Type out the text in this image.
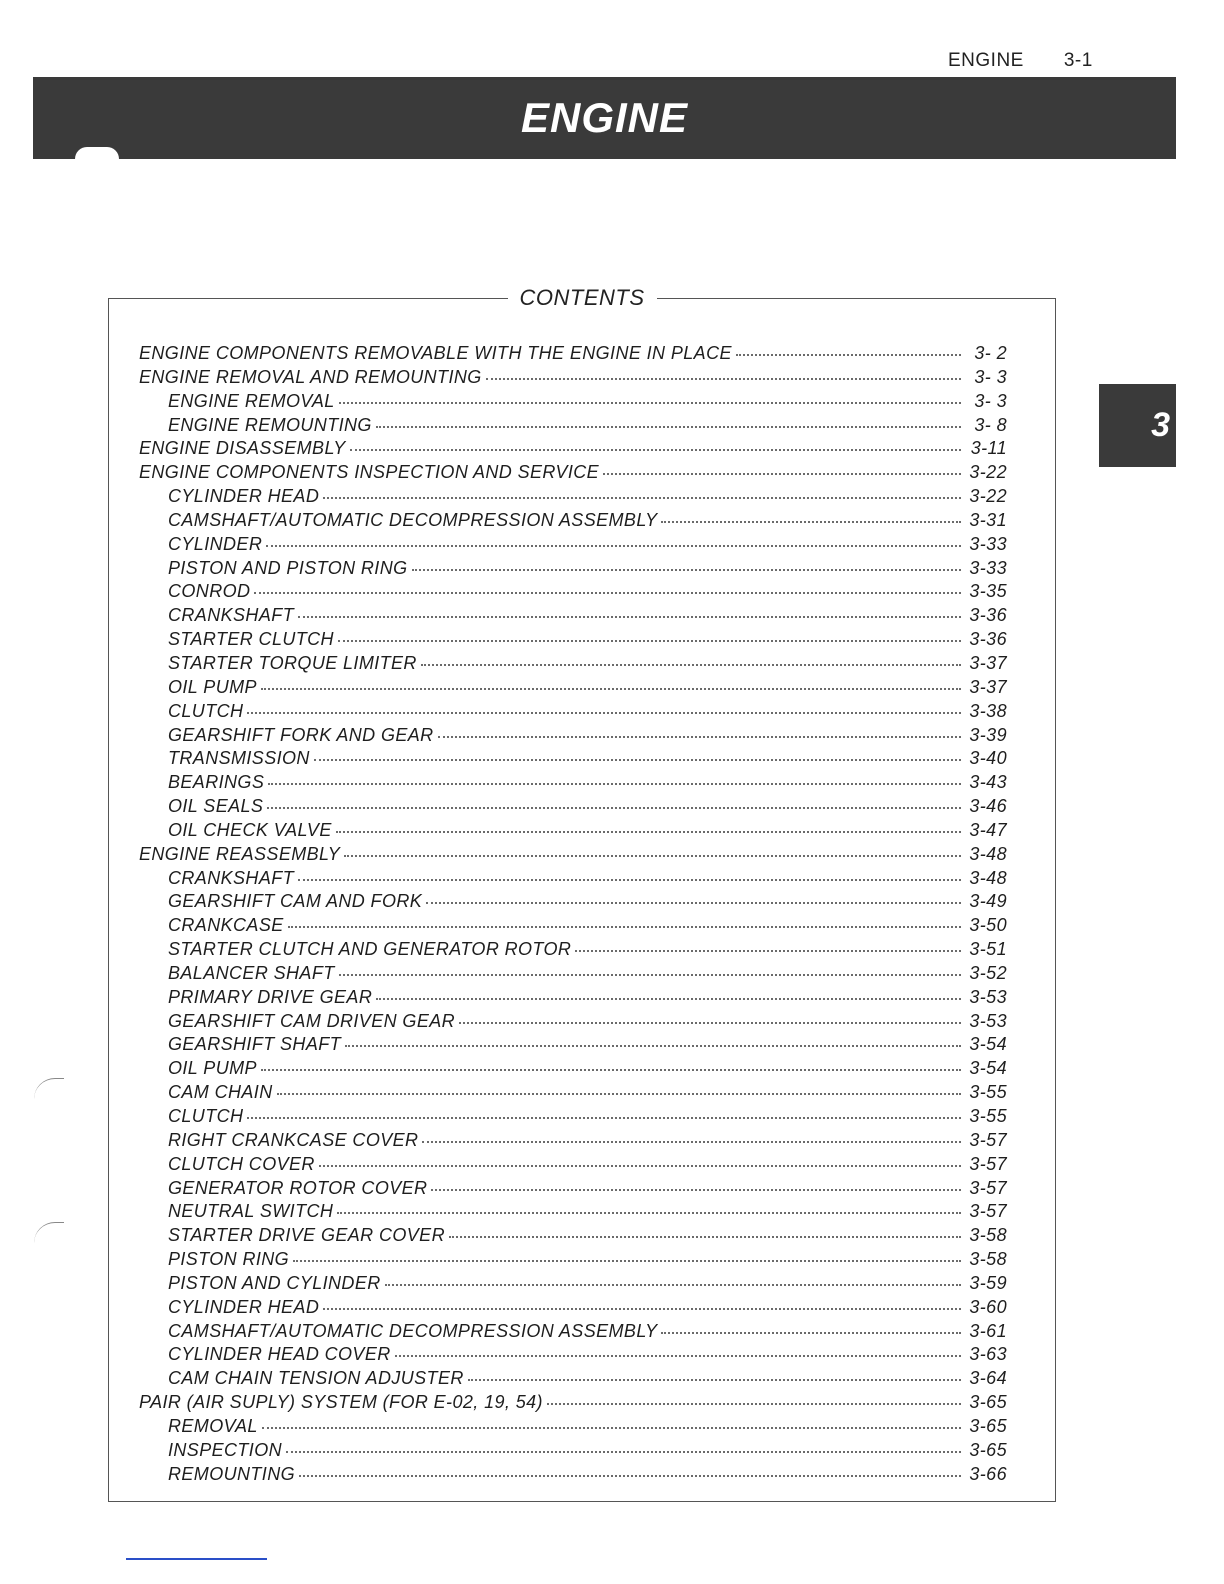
ENGINE 3-1
ENGINE
3
CONTENTS
ENGINE COMPONENTS REMOVABLE WITH THE ENGINE IN PLACE	3- 2
ENGINE REMOVAL AND REMOUNTING	3- 3
ENGINE REMOVAL	3- 3
ENGINE REMOUNTING	3- 8
ENGINE DISASSEMBLY	3-11
ENGINE COMPONENTS INSPECTION AND SERVICE	3-22
CYLINDER HEAD	3-22
CAMSHAFT/AUTOMATIC DECOMPRESSION ASSEMBLY	3-31
CYLINDER	3-33
PISTON AND PISTON RING	3-33
CONROD	3-35
CRANKSHAFT	3-36
STARTER CLUTCH	3-36
STARTER TORQUE LIMITER	3-37
OIL PUMP	3-37
CLUTCH	3-38
GEARSHIFT FORK AND GEAR	3-39
TRANSMISSION	3-40
BEARINGS	3-43
OIL SEALS	3-46
OIL CHECK VALVE	3-47
ENGINE REASSEMBLY	3-48
CRANKSHAFT	3-48
GEARSHIFT CAM AND FORK	3-49
CRANKCASE	3-50
STARTER CLUTCH AND GENERATOR ROTOR	3-51
BALANCER SHAFT	3-52
PRIMARY DRIVE GEAR	3-53
GEARSHIFT CAM DRIVEN GEAR	3-53
GEARSHIFT SHAFT	3-54
OIL PUMP	3-54
CAM CHAIN	3-55
CLUTCH	3-55
RIGHT CRANKCASE COVER	3-57
CLUTCH COVER	3-57
GENERATOR ROTOR COVER	3-57
NEUTRAL SWITCH	3-57
STARTER DRIVE GEAR COVER	3-58
PISTON RING	3-58
PISTON AND CYLINDER	3-59
CYLINDER HEAD	3-60
CAMSHAFT/AUTOMATIC DECOMPRESSION ASSEMBLY	3-61
CYLINDER HEAD COVER	3-63
CAM CHAIN TENSION ADJUSTER	3-64
PAIR (AIR SUPLY) SYSTEM (FOR E-02, 19, 54)	3-65
REMOVAL	3-65
INSPECTION	3-65
REMOUNTING	3-66
